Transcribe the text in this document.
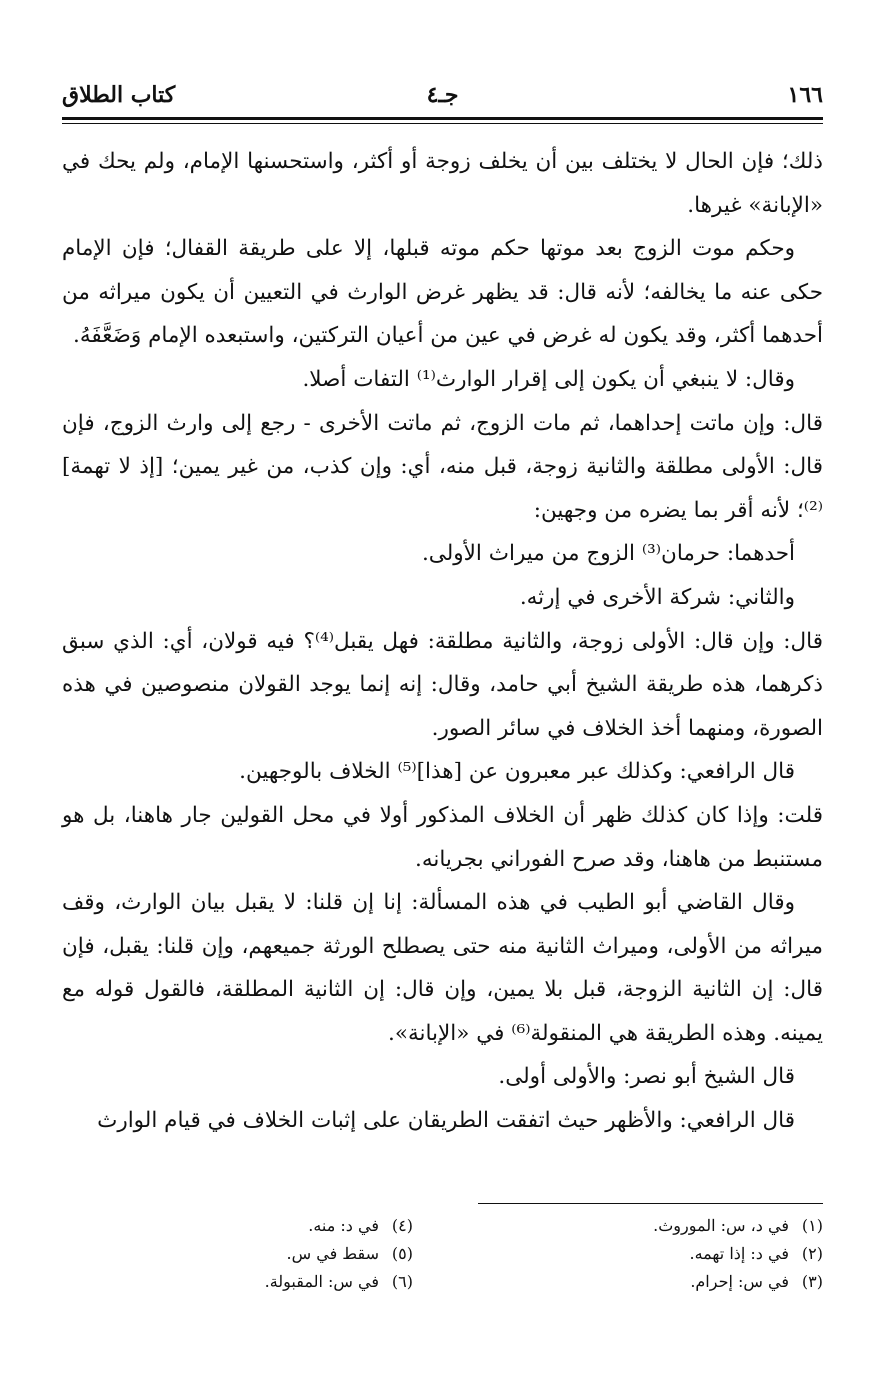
١٦٦
جـ٤
كتاب الطلاق

ذلك؛ فإن الحال لا يختلف بين أن يخلف زوجة أو أكثر، واستحسنها الإمام، ولم يحك في «الإبانة» غيرها.

وحكم موت الزوج بعد موتها حكم موته قبلها، إلا على طريقة القفال؛ فإن الإمام حكى عنه ما يخالفه؛ لأنه قال: قد يظهر غرض الوارث في التعيين أن يكون ميراثه من أحدهما أكثر، وقد يكون له غرض في عين من أعيان التركتين، واستبعده الإمام وَضَعَّفَهُ.

وقال: لا ينبغي أن يكون إلى إقرار الوارث⁽¹⁾ التفات أصلا.

قال: وإن ماتت إحداهما، ثم مات الزوج، ثم ماتت الأخرى - رجع إلى وارث الزوج، فإن قال: الأولى مطلقة والثانية زوجة، قبل منه، أي: وإن كذب، من غير يمين؛ [إذ لا تهمة]⁽²⁾؛ لأنه أقر بما يضره من وجهين:

أحدهما: حرمان⁽³⁾ الزوج من ميراث الأولى.

والثاني: شركة الأخرى في إرثه.

قال: وإن قال: الأولى زوجة، والثانية مطلقة: فهل يقبل⁽⁴⁾؟ فيه قولان، أي: الذي سبق ذكرهما، هذه طريقة الشيخ أبي حامد، وقال: إنه إنما يوجد القولان منصوصين في هذه الصورة، ومنهما أخذ الخلاف في سائر الصور.

قال الرافعي: وكذلك عبر معبرون عن [هذا]⁽⁵⁾ الخلاف بالوجهين.

قلت: وإذا كان كذلك ظهر أن الخلاف المذكور أولا في محل القولين جار هاهنا، بل هو مستنبط من هاهنا، وقد صرح الفوراني بجريانه.

وقال القاضي أبو الطيب في هذه المسألة: إنا إن قلنا: لا يقبل بيان الوارث، وقف ميراثه من الأولى، وميراث الثانية منه حتى يصطلح الورثة جميعهم، وإن قلنا: يقبل، فإن قال: إن الثانية الزوجة، قبل بلا يمين، وإن قال: إن الثانية المطلقة، فالقول قوله مع يمينه. وهذه الطريقة هي المنقولة⁽⁶⁾ في «الإبانة».

قال الشيخ أبو نصر: والأولى أولى.

قال الرافعي: والأظهر حيث اتفقت الطريقان على إثبات الخلاف في قيام الوارث

(١)في د، س: الموروث.
(٢)في د: إذا تهمه.
(٣)في س: إحرام.
(٤)في د: منه.
(٥)سقط في س.
(٦)في س: المقبولة.
